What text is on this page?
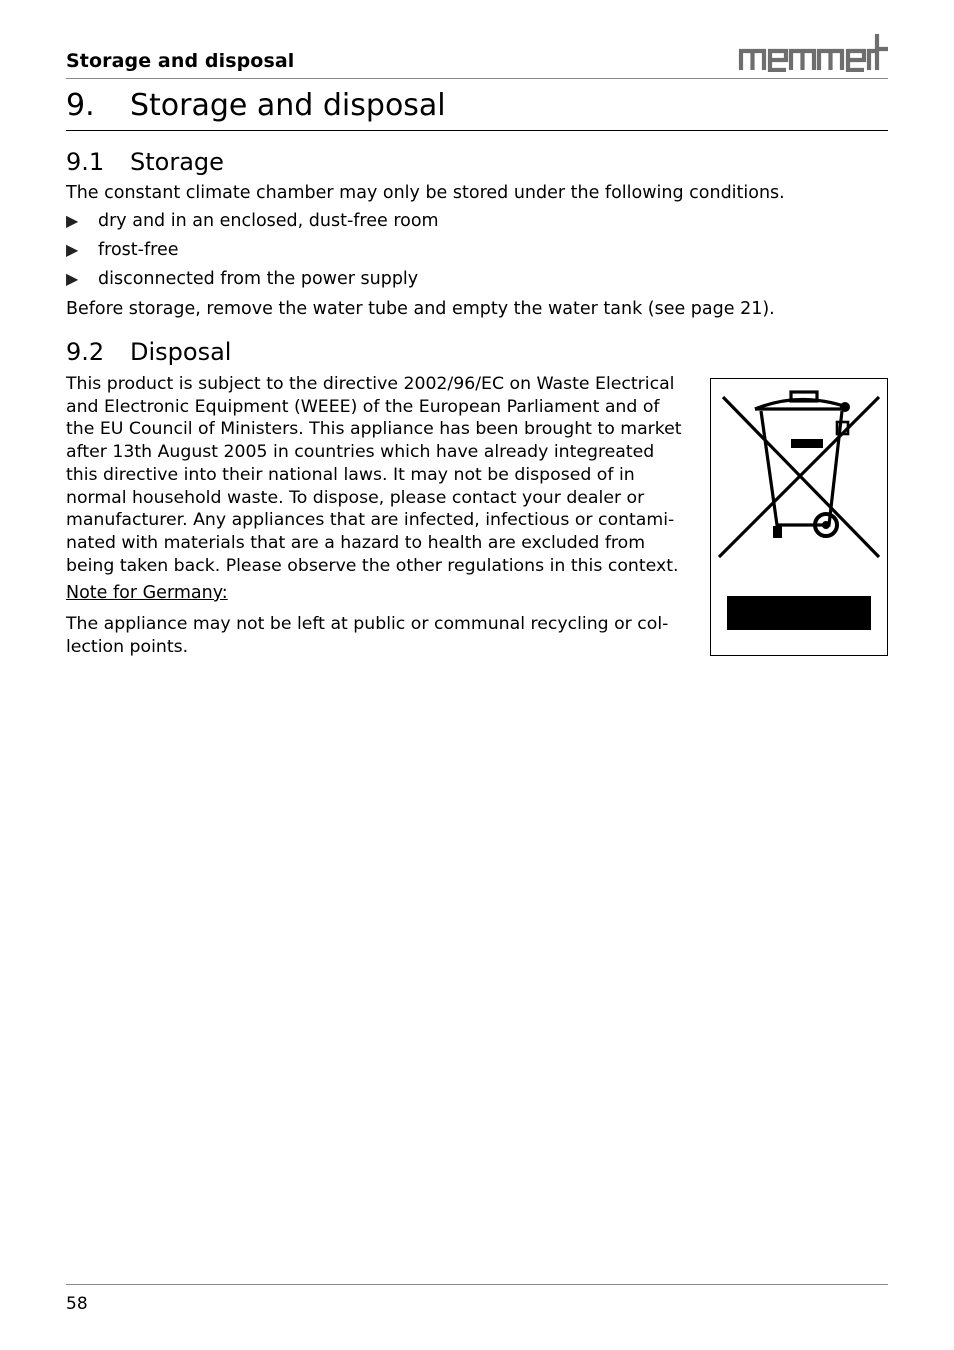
Storage and disposal
9. Storage and disposal
9.1 Storage

The constant climate chamber may only be stored under the following conditions.

▶ dry and in an enclosed, dust-free room
▶ frost-free
▶ disconnected from the power supply

Before storage, remove the water tube and empty the water tank (see page 21).

9.2 Disposal
This product is subject to the directive 2002/96/EC on Waste Electrical
and Electronic Equipment (WEEE) of the European Parliament and of
the EU Council of Ministers. This appliance has been brought to market
after 13th August 2005 in countries which have already integreated
this directive into their national laws. It may not be disposed of in
normal household waste. To dispose, please contact your dealer or
manufacturer. Any appliances that are infected, infectious or contami-
nated with materials that are a hazard to health are excluded from
being taken back. Please observe the other regulations in this context.
Note for Germany:
The appliance may not be left at public or communal recycling or col-
lection points.
58
